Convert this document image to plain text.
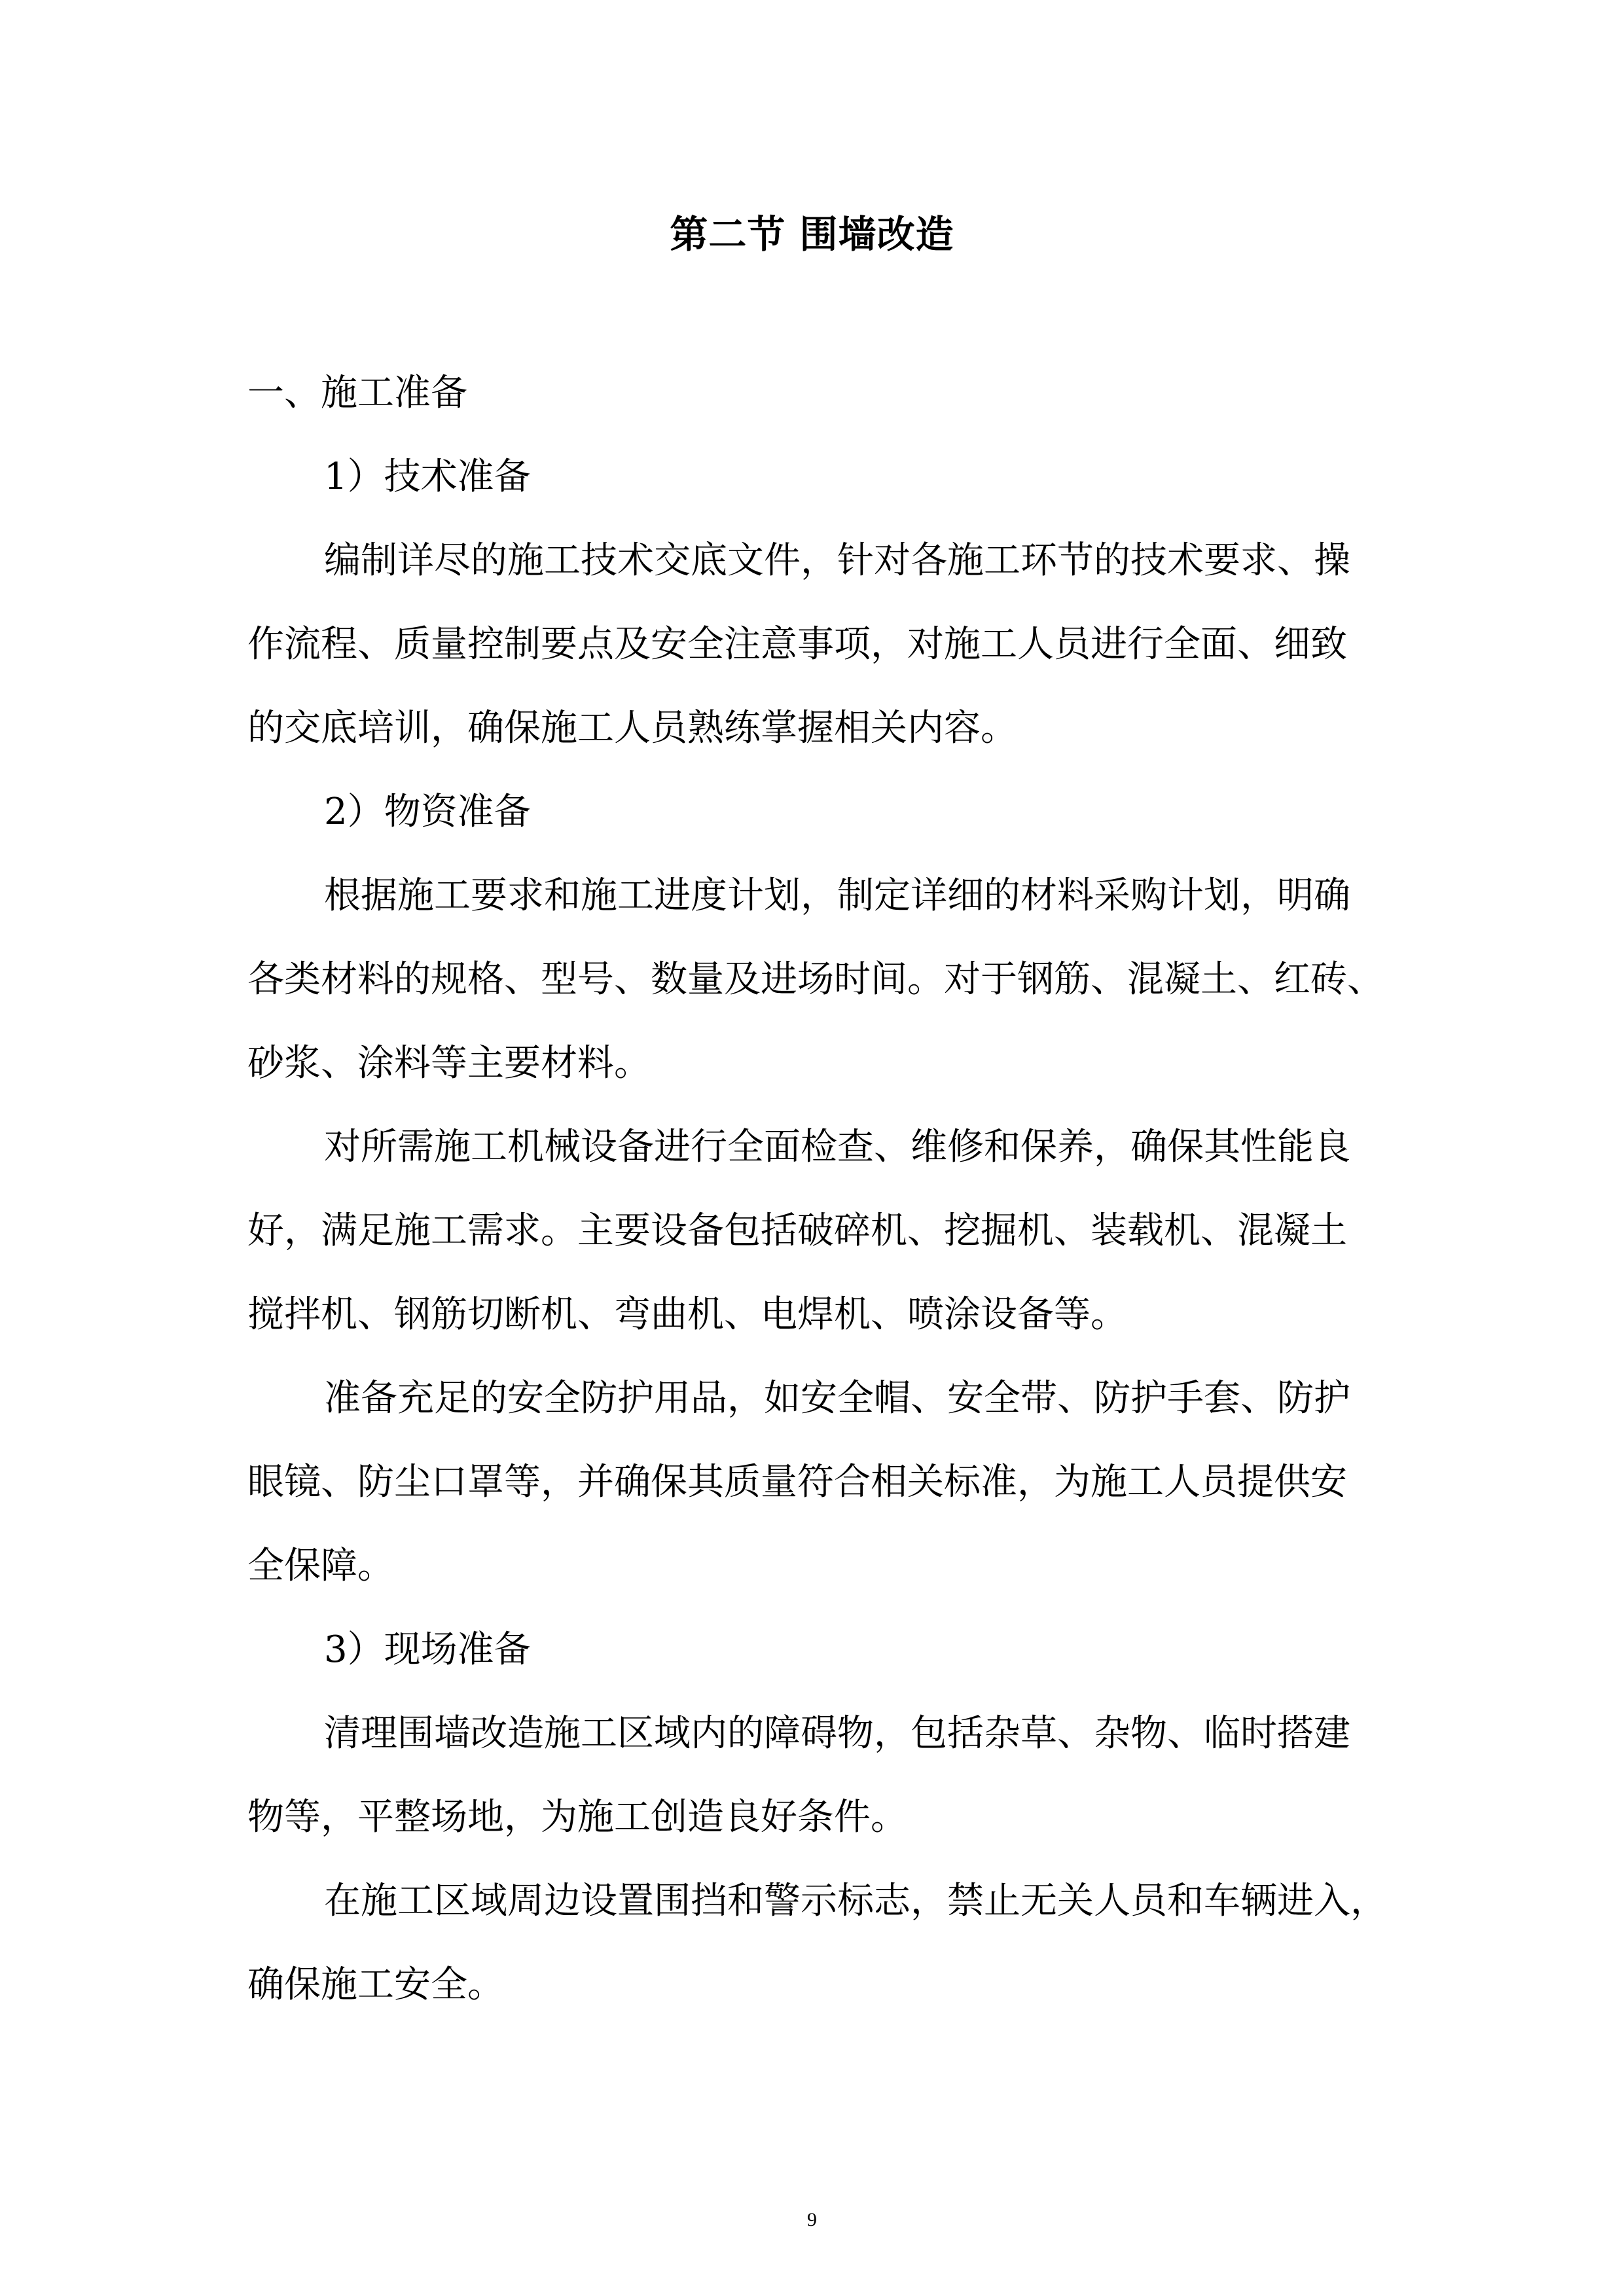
第二节 围墙改造

一、施工准备

1）技术准备

编制详尽的施工技术交底文件，针对各施工环节的技术要求、操

作流程、质量控制要点及安全注意事项，对施工人员进行全面、细致

的交底培训，确保施工人员熟练掌握相关内容。

2）物资准备

根据施工要求和施工进度计划，制定详细的材料采购计划，明确

各类材料的规格、型号、数量及进场时间。对于钢筋、混凝土、红砖、

砂浆、涂料等主要材料。

对所需施工机械设备进行全面检查、维修和保养，确保其性能良

好，满足施工需求。主要设备包括破碎机、挖掘机、装载机、混凝土

搅拌机、钢筋切断机、弯曲机、电焊机、喷涂设备等。

准备充足的安全防护用品，如安全帽、安全带、防护手套、防护

眼镜、防尘口罩等，并确保其质量符合相关标准，为施工人员提供安

全保障。

3）现场准备

清理围墙改造施工区域内的障碍物，包括杂草、杂物、临时搭建

物等，平整场地，为施工创造良好条件。

在施工区域周边设置围挡和警示标志，禁止无关人员和车辆进入，

确保施工安全。

9
